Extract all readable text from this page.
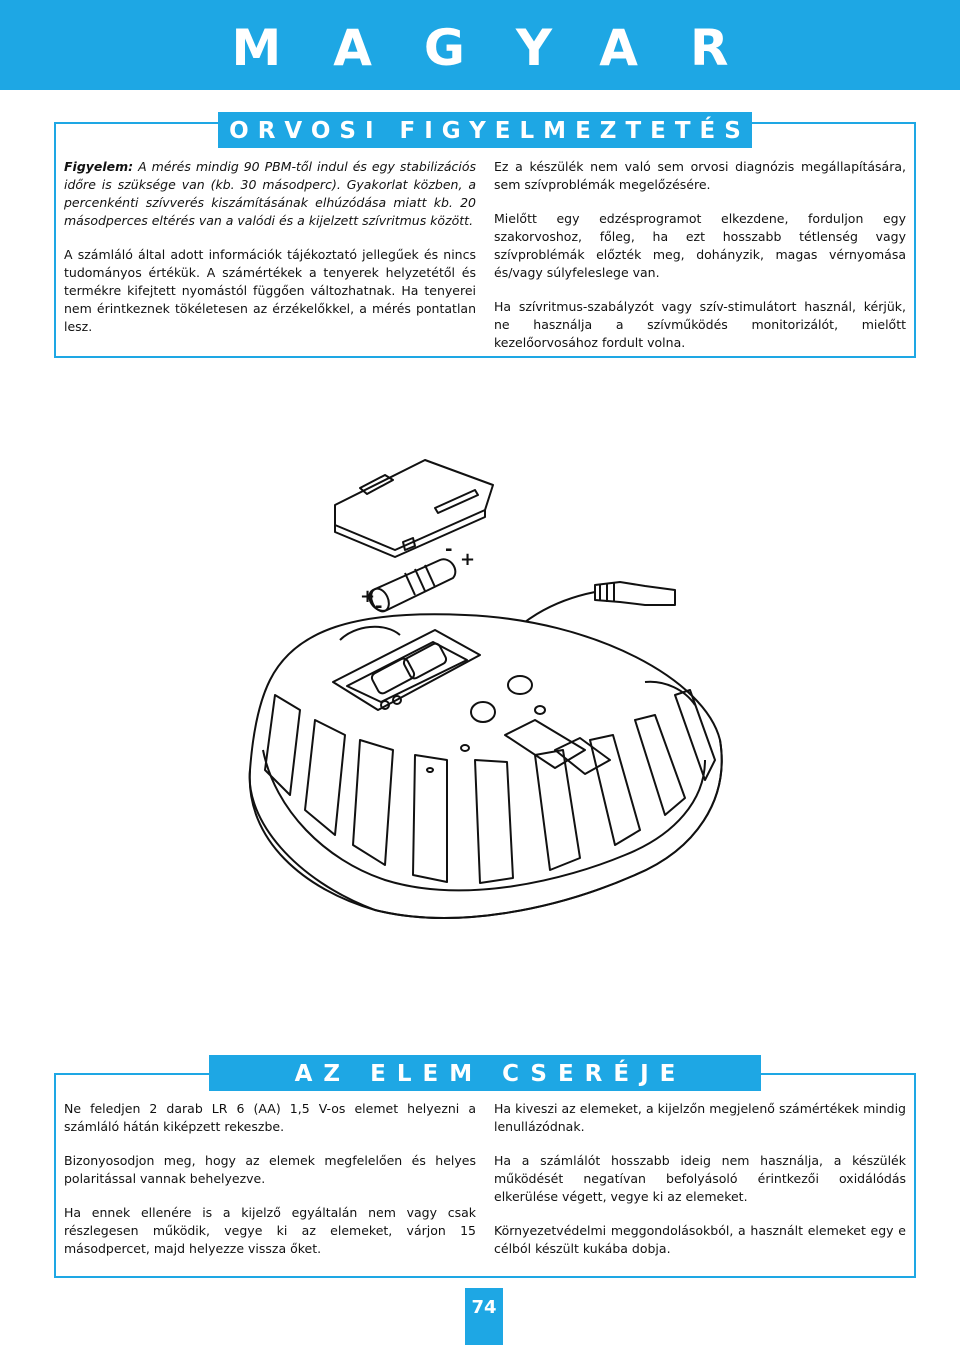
MAGYAR
ORVOSI FIGYELMEZTETÉS

Figyelem: A mérés mindig 90 PBM-től indul és egy stabilizációs időre is szüksége van (kb. 30 másodperc). Gyakorlat közben, a percenkénti szívverés kiszámításának elhúzódása miatt kb. 20 másodperces eltérés van a valódi és a kijelzett szívritmus között.

A számláló által adott információk tájékoztató jellegűek és nincs tudományos értékük. A számértékek a tenyerek helyzetétől és termékre kifejtett nyomástól függően változhatnak. Ha tenyerei nem érintkeznek tökéletesen az érzékelőkkel, a mérés pontatlan lesz.

Ez a készülék nem való sem orvosi diagnózis megállapítására, sem szívproblémák megelőzésére.

Mielőtt egy edzésprogramot elkezdene, forduljon egy szakorvoshoz, főleg, ha ezt hosszabb tétlenség vagy szívproblémák előzték meg, dohányzik, magas vérnyomása és/vagy súlyfeleslege van.

Ha szívritmus-szabályzót vagy szív-stimulátort használ, kérjük, ne használja a szívműködés monitorizálót, mielőtt kezelőorvosához fordult volna.

+
-
+ -
AZ ELEM CSERÉJE

Ne feledjen 2 darab LR 6 (AA) 1,5 V-os elemet helyezni a számláló hátán kiképzett rekeszbe.

Bizonyosodjon meg, hogy az elemek megfelelően és helyes polaritással vannak behelyezve.

Ha ennek ellenére is a kijelző egyáltalán nem vagy csak részlegesen működik, vegye ki az elemeket, várjon 15 másodpercet, majd helyezze vissza őket.

Ha kiveszi az elemeket, a kijelzőn megjelenő számértékek mindig lenullázódnak.

Ha a számlálót hosszabb ideig nem használja, a készülék működését negatívan befolyásoló érintkezői oxidálódás elkerülése végett, vegye ki az elemeket.

Környezetvédelmi meggondolásokból, a használt elemeket egy e célból készült kukába dobja.

74
